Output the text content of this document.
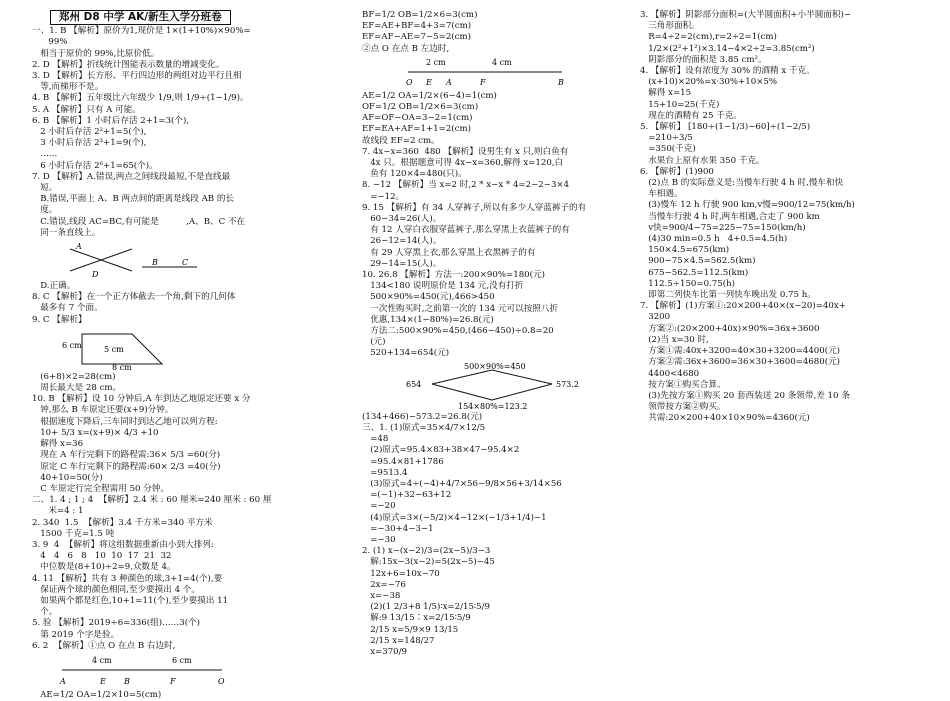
郑州 D8 中学 AK/新生入学分班卷
一、1. B 【解析】原价为1,现价是 1×(1+10%)×90%=
99%
相当于原价的 99%,比原价低。
2. D 【解析】折线统计图能表示数量的增减变化。
3. D 【解析】长方形、平行四边形的两组对边平行且相
等,而梯形不是。
4. B 【解析】五年级比六年级少 1/9,则 1/9÷(1−1/9)。
5. A 【解析】只有 A 可能。
6. B 【解析】1 小时后存活 2+1=3(个),
2 小时后存活 2²+1=5(个),
3 小时后存活 2³+1=9(个),
……
6 小时后存活 2⁶+1=65(个)。
7. D 【解析】A.错误,两点之间线段最短,不是直线最
短。
B.错误,平面上 A、B 两点间的距离是线段 AB 的长
度。
C.错误,线段 AC=BC,有可能是          ,A、B、C 不在
同一条直线上。
A
B	C
D
D.正确。
8. C 【解析】在一个正方体截去一个角,剩下的几何体
最多有 7 个面。
9. C 【解析】
6 cm	5 cm
8 cm
(6+8)×2=28(cm)
周长最大是 28 cm。
10. B 【解析】设 10 分钟后,A 车到达乙地原定还要 x 分
钟,那么 B 车原定还要(x+9)分钟。
根据速度下降后,三车同时到达乙地可以列方程:
10+ 5/3 x=(x+9)× 4/3 +10
解得 x=36
现在 A 车行完剩下的路程需:36× 5/3 =60(分)
原定 C 车行完剩下的路程需:60× 2/3 =40(分)
40+10=50(分)
C 车原定行完全程需用 50 分钟。
二、1. 4 ; 1 ; 4  【解析】2.4 米 : 60 厘米=240 厘米 : 60 厘
米=4 : 1
2. 340  1.5  【解析】3.4 千方米=340 平方米
1500 千克=1.5 吨
3. 9  4  【解析】将这组数据重新由小到大排列:
4   4   6   8   10  10  17  21  32
中位数是(8+10)÷2=9,众数是 4。
4. 11 【解析】共有 3 种颜色的球,3+1=4(个),要
保证两个球的颜色相同,至少要摸出 4 个。
如果两个都是红色,10+1=11(个),至少要摸出 11
个。
5. 验 【解析】2019÷6=336(组)……3(个)
第 2019 个字是验。
6. 2  【解析】①点 O 在点 B 右边时,
4 cm	6 cm
A	B
E	F	O
AE=1/2 OA=1/2×10=5(cm)
BF=1/2 OB=1/2×6=3(cm)
EF=AE+BF=4+3=7(cm)
EF=AF−AE=7−5=2(cm)
②点 O 在点 B 左边时,
2 cm	4 cm
O E A	F	B
AE=1/2 OA=1/2×(6−4)=1(cm)
OF=1/2 OB=1/2×6=3(cm)
AF=OF−OA=3−2=1(cm)
EF=EA+AF=1+1=2(cm)
故线段 EF=2 cm。
7. 4x−x=360  480 【解析】设男生有 x 只,则白鱼有
4x 只。根据题意可得 4x−x=360,解得 x=120,白
鱼有 120×4=480(只)。
8. −12 【解析】当 x=2 时,2 * x−x * 4=2−2−3×4
=−12。
9. 15 【解析】有 34 人穿裤子,所以有多少人穿蓝裤子的有
60−34=26(人)。
有 12 人穿白衣服穿蓝裤子,那么穿黑上衣蓝裤子的有
26−12=14(人)。
有 29 人穿黑上衣,那么穿黑上衣黑裤子的有
29−14=15(人)。
10. 26.8 【解析】方法一:200×90%=180(元)
134<180 说明原价是 134 元,没有打折
500×90%=450(元),466>450
一次性购买时,之前第一次的 134 元可以按照八折
优惠,134×(1−80%)=26.8(元)
方法二:500×90%=450,(466−450)÷0.8=20
(元)
520+134=654(元)
500×90%=450
654	573.2
154×80%=123.2
(134+466)−573.2=26.8(元)
三、1. (1)原式=35×4/7×12/5
=48
(2)原式=95.4×83+38×47−95.4×2
=95.4×81+1786
=9513.4
(3)原式=4÷(−4)+4/7×56−9/8×56+3/14×56
=(−1)+32−63+12
=−20
(4)原式=3×(−5/2)×4−12×(−1/3+1/4)−1
=−30+4−3−1
=−30
2. (1) x−(x−2)/3=(2x−5)/3−3
解:15x−3(x−2)=5(2x−5)−45
12x+6=10x−70
2x=−76
x=−38
(2)(1 2/3+8 1/5)∶x=2/15∶5/9
解:9 13/15∶x=2/15∶5/9
2/15 x=5/9×9 13/15
2/15 x=148/27
x=370/9
3. 【解析】阴影部分面积=(大半圆面积+小半圆面积)−
三角形面积。
R=4÷2=2(cm),r=2÷2=1(cm)
1/2×(2²+1²)×3.14−4×2÷2=3.85(cm²)
阴影部分的面积是 3.85 cm²。
4. 【解析】设有浓度为 30% 的酒精 x 千克。
(x+10)×20%=x·30%+10×5%
解得 x=15
15+10=25(千克)
现在的酒精有 25 千克。
5. 【解析】 [180÷(1−1/3)−60]÷(1−2/5)
=210÷3/5
=350(千克)
水果台上原有水果 350 千克。
6. 【解析】(1)900
(2)点 B 的实际意义是:当慢车行驶 4 h 时,慢车和快
车相遇。
(3)慢车 12 h 行驶 900 km,v慢=900/12=75(km/h)
当慢车行驶 4 h 时,两车相遇,合走了 900 km
v快=900/4−75=225−75=150(km/h)
(4)30 min=0.5 h   4+0.5=4.5(h)
150×4.5=675(km)
900−75×4.5=562.5(km)
675−562.5=112.5(km)
112.5÷150=0.75(h)
即第二列快车比第一列快车晚出发 0.75 h。
7. 【解析】(1)方案①:20×200+40×(x−20)=40x+
3200
方案②:(20×200+40x)×90%=36x+3600
(2)当 x=30 时,
方案①需:40x+3200=40×30+3200=4400(元)
方案②需:36x+3600=36×30+3600=4680(元)
4400<4680
按方案①购买合算。
(3)先按方案①购买 20 套西装送 20 条领带,差 10 条
领带按方案②购买。
共需:20×200+40×10×90%=4360(元)
